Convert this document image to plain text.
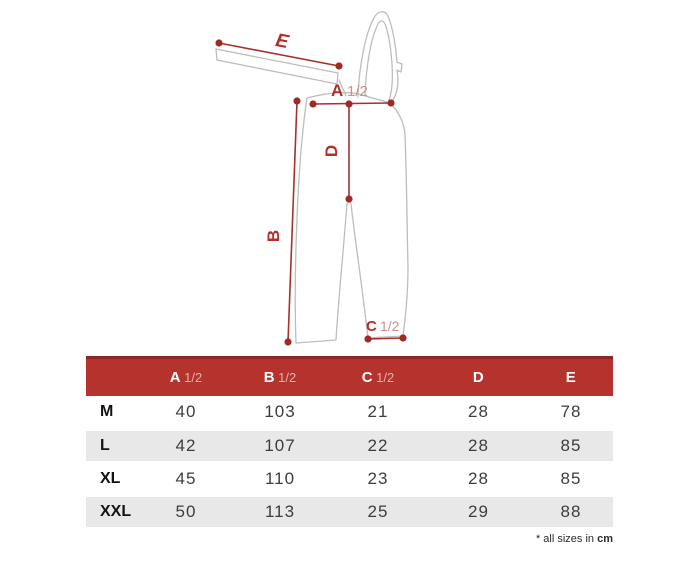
E
A 1/2
D
B
C 1/2
	A 1/2	B 1/2	C 1/2	D	E
M	40	103	21	28	78
L	42	107	22	28	85
XL	45	110	23	28	85
XXL	50	113	25	29	88
* all sizes in cm
